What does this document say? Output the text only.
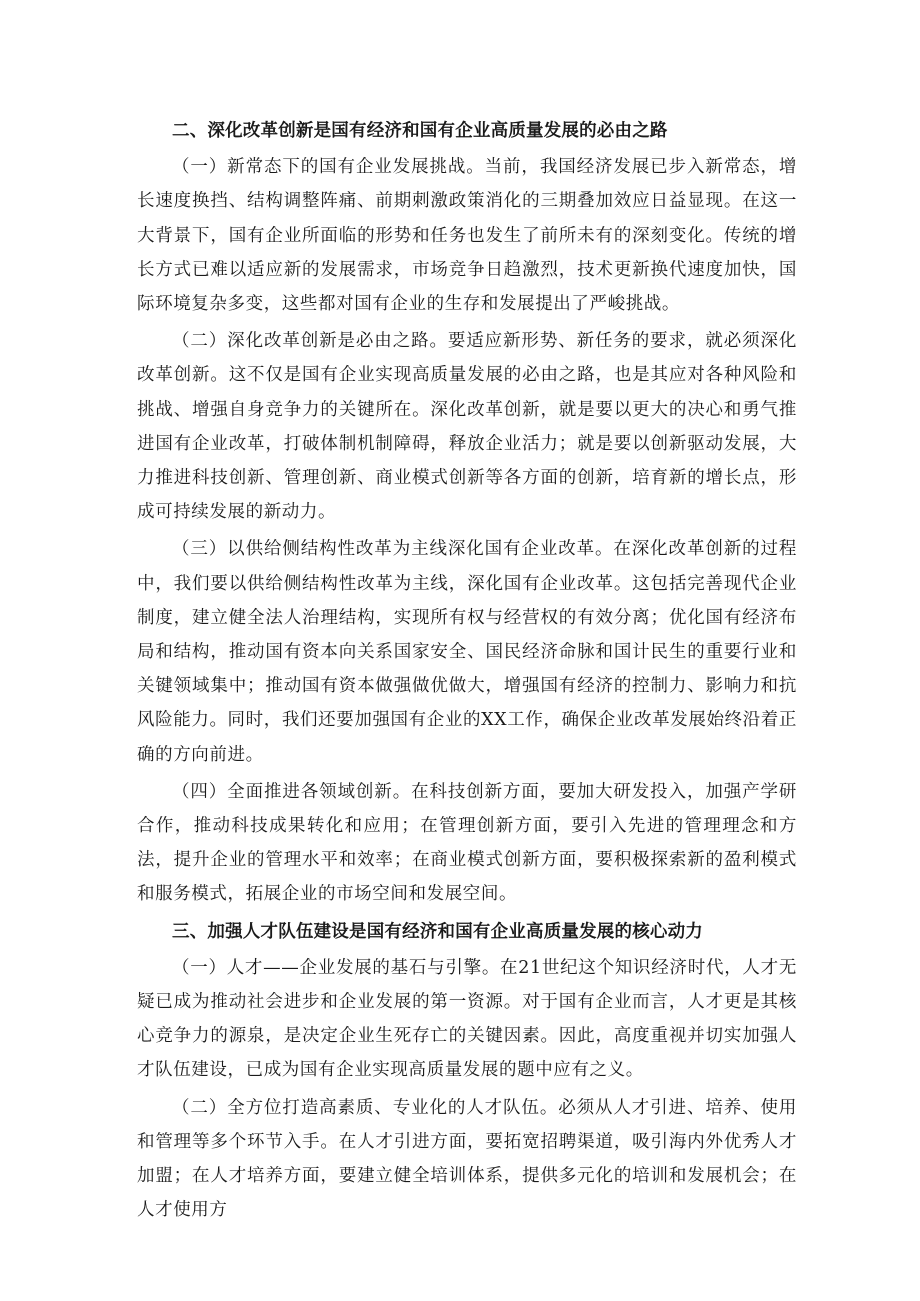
二、深化改革创新是国有经济和国有企业高质量发展的必由之路

（一）新常态下的国有企业发展挑战。当前，我国经济发展已步入新常态，增长速度换挡、结构调整阵痛、前期刺激政策消化的三期叠加效应日益显现。在这一大背景下，国有企业所面临的形势和任务也发生了前所未有的深刻变化。传统的增长方式已难以适应新的发展需求，市场竞争日趋激烈，技术更新换代速度加快，国际环境复杂多变，这些都对国有企业的生存和发展提出了严峻挑战。

（二）深化改革创新是必由之路。要适应新形势、新任务的要求，就必须深化改革创新。这不仅是国有企业实现高质量发展的必由之路，也是其应对各种风险和挑战、增强自身竞争力的关键所在。深化改革创新，就是要以更大的决心和勇气推进国有企业改革，打破体制机制障碍，释放企业活力；就是要以创新驱动发展，大力推进科技创新、管理创新、商业模式创新等各方面的创新，培育新的增长点，形成可持续发展的新动力。

（三）以供给侧结构性改革为主线深化国有企业改革。在深化改革创新的过程中，我们要以供给侧结构性改革为主线，深化国有企业改革。这包括完善现代企业制度，建立健全法人治理结构，实现所有权与经营权的有效分离；优化国有经济布局和结构，推动国有资本向关系国家安全、国民经济命脉和国计民生的重要行业和关键领域集中；推动国有资本做强做优做大，增强国有经济的控制力、影响力和抗风险能力。同时，我们还要加强国有企业的XX工作，确保企业改革发展始终沿着正确的方向前进。

（四）全面推进各领域创新。在科技创新方面，要加大研发投入，加强产学研合作，推动科技成果转化和应用；在管理创新方面，要引入先进的管理理念和方法，提升企业的管理水平和效率；在商业模式创新方面，要积极探索新的盈利模式和服务模式，拓展企业的市场空间和发展空间。

三、加强人才队伍建设是国有经济和国有企业高质量发展的核心动力

（一）人才——企业发展的基石与引擎。在21世纪这个知识经济时代，人才无疑已成为推动社会进步和企业发展的第一资源。对于国有企业而言，人才更是其核心竞争力的源泉，是决定企业生死存亡的关键因素。因此，高度重视并切实加强人才队伍建设，已成为国有企业实现高质量发展的题中应有之义。

（二）全方位打造高素质、专业化的人才队伍。必须从人才引进、培养、使用和管理等多个环节入手。在人才引进方面，要拓宽招聘渠道，吸引海内外优秀人才加盟；在人才培养方面，要建立健全培训体系，提供多元化的培训和发展机会；在人才使用方
